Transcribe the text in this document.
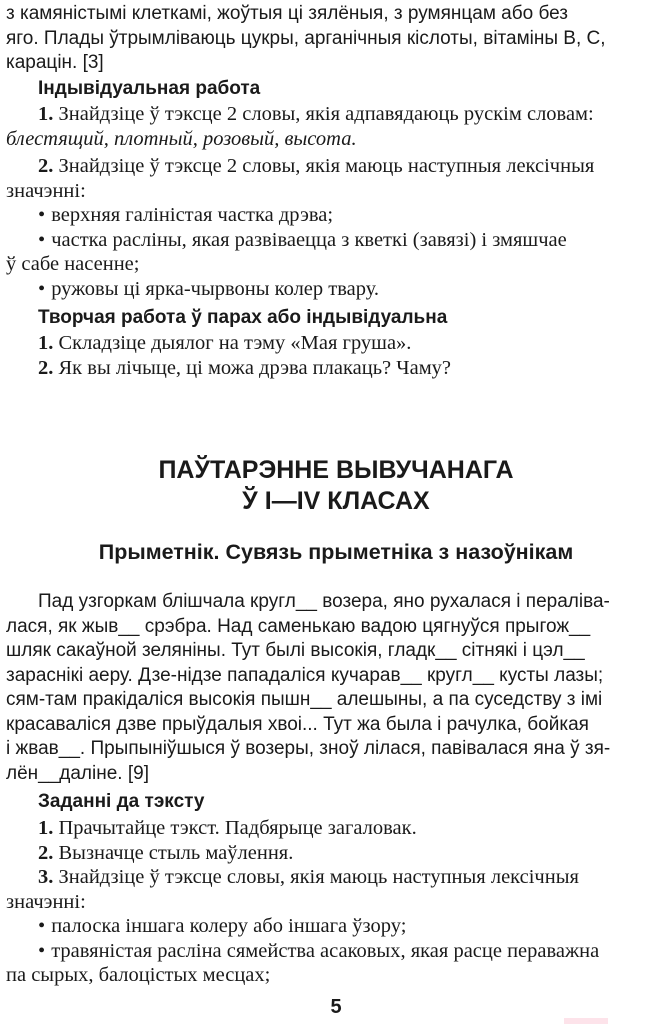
з камяністымі клеткамі, жоўтыя ці зялёныя, з румянцам або без

яго. Плады ўтрымліваюць цукры, арганічныя кіслоты, вітаміны В, С,

карацін. [3]

Індывідуальная работа

1. Знайдзіце ў тэксце 2 словы, якія адпавядаюць рускім словам:

блестящий, плотный, розовый, высота.

2. Знайдзіце ў тэксце 2 словы, якія маюць наступныя лексічныя

значэнні:

• верхняя галіністая частка дрэва;

• частка расліны, якая развіваецца з кветкі (завязі) і змяшчае

ў сабе насенне;

• ружовы ці ярка-чырвоны колер твару.

Творчая работа ў парах або індывідуальна

1. Складзіце дыялог на тэму «Мая груша».

2. Як вы лічыце, ці можа дрэва плакаць? Чаму?

ПАЎТАРЭННЕ ВЫВУЧАНАГА
Ў І—ІV КЛАСАХ
Прыметнік. Сувязь прыметніка з назоўнікам

Пад узгоркам блішчала кругл__ возера, яно рухалася і пераліва-

лася, як жыв__ срэбра. Над саменькаю вадою цягнуўся прыгож__

шляк сакаўной зеляніны. Тут былі высокія, гладк__ сітнякі і цэл__

зараснікі аеру. Дзе-нідзе пападаліся кучарав__ кругл__ кусты лазы;

сям-там пракідаліся высокія пышн__ алешыны, а па суседству з імі

красаваліся дзве прыўдалыя хвоі... Тут жа была і рачулка, бойкая

і жвав__. Прыпыніўшыся ў возеры, зноў лілася, павівалася яна ў зя-

лён__даліне. [9]

Заданні да тэксту

1. Прачытайце тэкст. Падбярыце загаловак.

2. Вызначце стыль маўлення.

3. Знайдзіце ў тэксце словы, якія маюць наступныя лексічныя

значэнні:

• палоска іншага колеру або іншага ўзору;

• травяністая расліна сямейства асаковых, якая расце пераважна

па сырых, балоцістых месцах;

5
